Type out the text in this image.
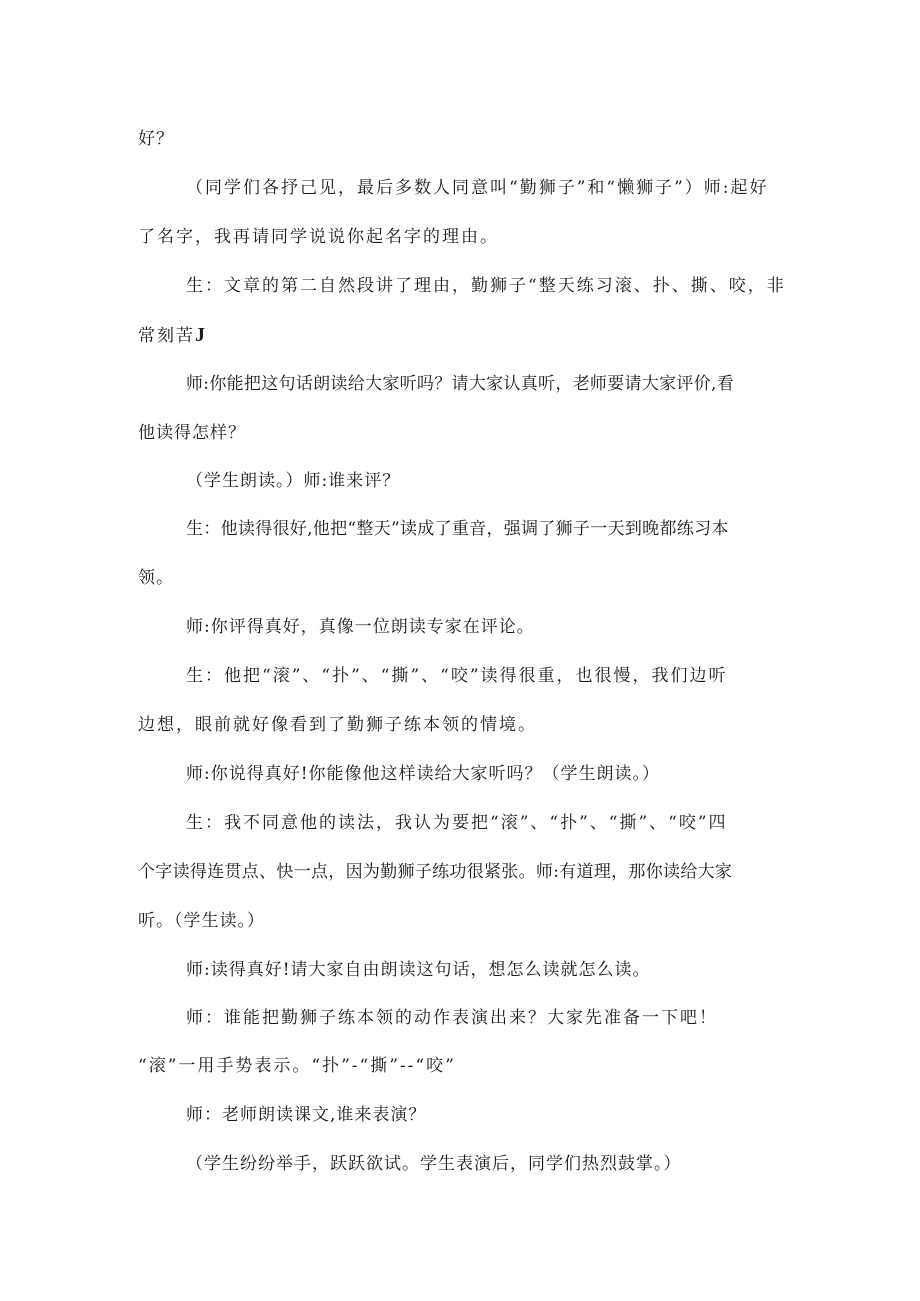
好？
（同学们各抒己见，最后多数人同意叫“勤狮子”和“懒狮子”）师:起好
了名字，我再请同学说说你起名字的理由。
生：文章的第二自然段讲了理由，勤狮子“整天练习滚、扑、撕、咬，非
常刻苦J
师:你能把这句话朗读给大家听吗？请大家认真听，老师要请大家评价,看
他读得怎样？
（学生朗读。）师:谁来评？
生：他读得很好,他把“整天”读成了重音，强调了狮子一天到晚都练习本
领。
师:你评得真好，真像一位朗读专家在评论。
生：他把“滚”、“扑”、“撕”、“咬”读得很重，也很慢，我们边听
边想，眼前就好像看到了勤狮子练本领的情境。
师:你说得真好!你能像他这样读给大家听吗？（学生朗读。）
生：我不同意他的读法，我认为要把“滚”、“扑”、“撕”、“咬”四
个字读得连贯点、快一点，因为勤狮子练功很紧张。师:有道理，那你读给大家
听。（学生读。）
师:读得真好!请大家自由朗读这句话，想怎么读就怎么读。
师：谁能把勤狮子练本领的动作表演出来？大家先准备一下吧！
“滚”一用手势表示。“扑”-“撕”--“咬”
师：老师朗读课文,谁来表演？
（学生纷纷举手，跃跃欲试。学生表演后，同学们热烈鼓掌。）
